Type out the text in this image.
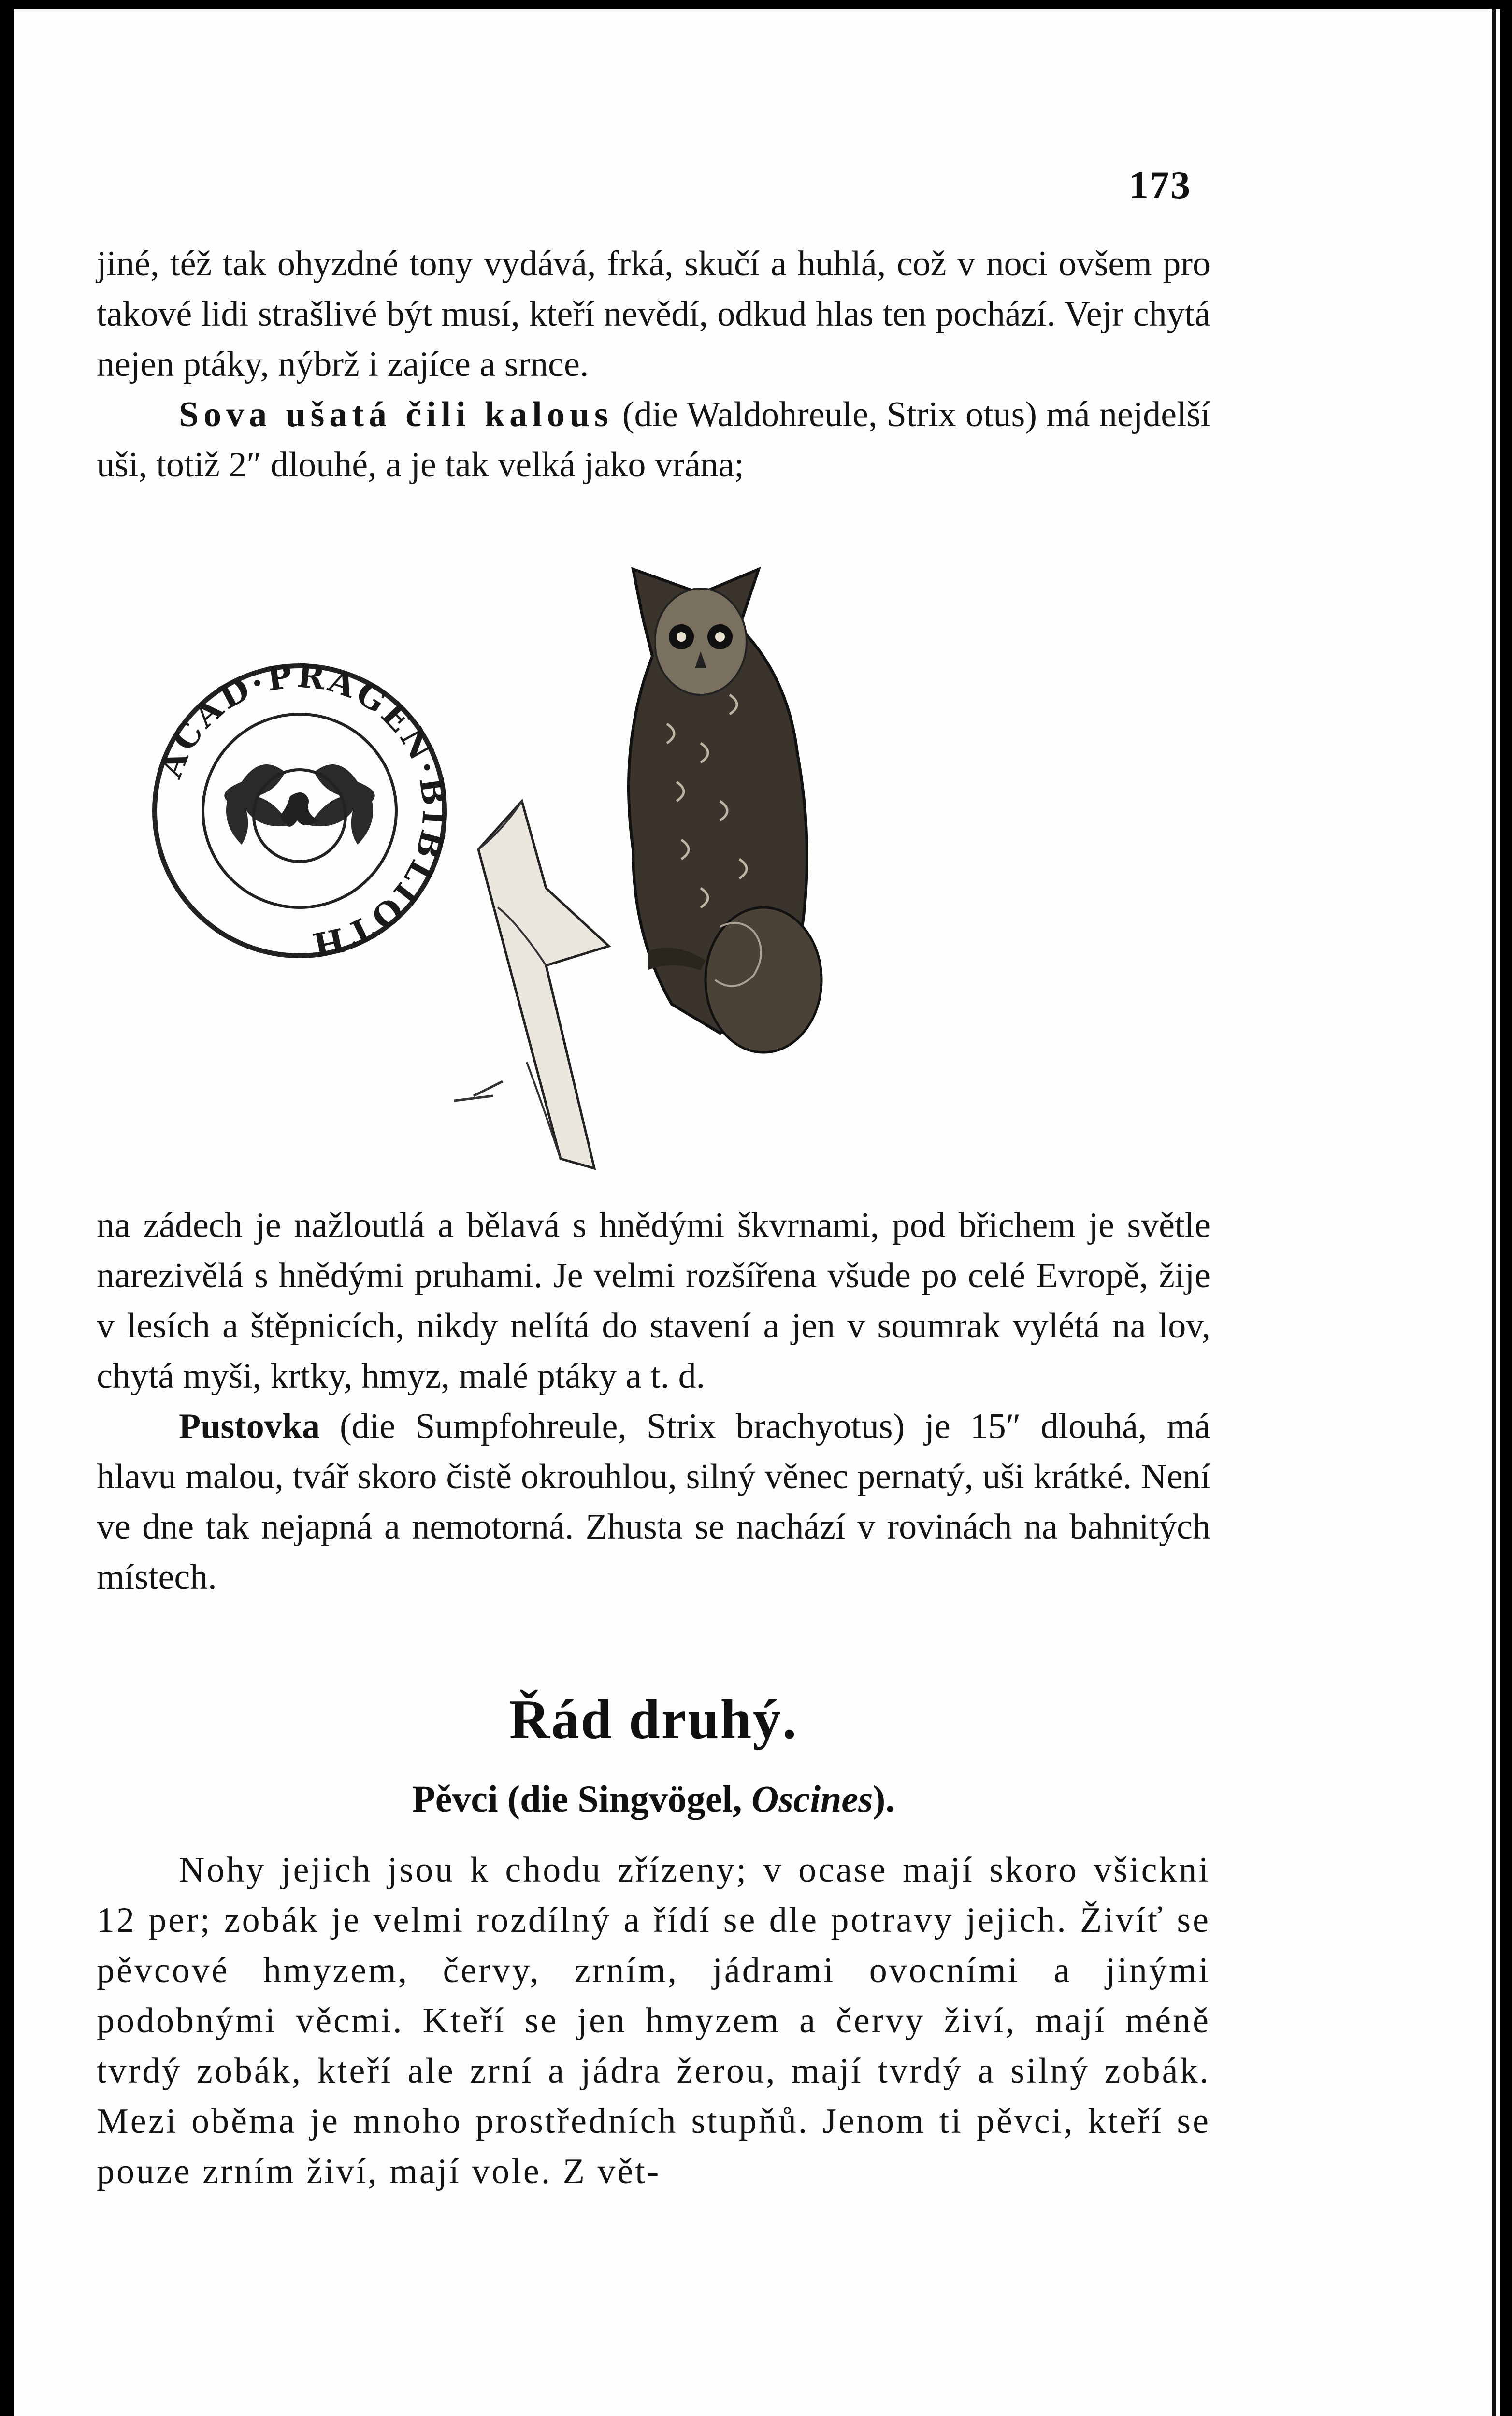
173

jiné, též tak ohyzdné tony vydává, frká, skučí a huhlá, což v noci ovšem pro takové lidi strašlivé být musí, kteří nevědí, odkud hlas ten pochází. Vejr chytá nejen ptáky, nýbrž i zajíce a srnce.

Sova ušatá čili kalous (die Waldohreule, Strix otus) má nejdelší uši, totiž 2″ dlouhé, a je tak velká jako vrána;

ACAD·PRAGEN·BIBLIOTH

na zádech je nažloutlá a bělavá s hnědými škvrnami, pod břichem je světle narezivělá s hnědými pruhami. Je velmi rozšířena všude po celé Evropě, žije v lesích a štěpnicích, nikdy nelítá do stavení a jen v soumrak vylétá na lov, chytá myši, krtky, hmyz, malé ptáky a t. d.

Pustovka (die Sumpfohreule, Strix brachyotus) je 15″ dlouhá, má hlavu malou, tvář skoro čistě okrouhlou, silný věnec pernatý, uši krátké. Není ve dne tak nejapná a nemotorná. Zhusta se nachází v rovinách na bahnitých místech.

Řád druhý.
Pěvci (die Singvögel, Oscines).

Nohy jejich jsou k chodu zřízeny; v ocase mají skoro všickni 12 per; zobák je velmi rozdílný a řídí se dle potravy jejich. Živíť se pěvcové hmyzem, červy, zrním, jádrami ovocními a jinými podobnými věcmi. Kteří se jen hmyzem a červy živí, mají méně tvrdý zobák, kteří ale zrní a jádra žerou, mají tvrdý a silný zobák. Mezi oběma je mnoho prostředních stupňů. Jenom ti pěvci, kteří se pouze zrním živí, mají vole. Z vět-
